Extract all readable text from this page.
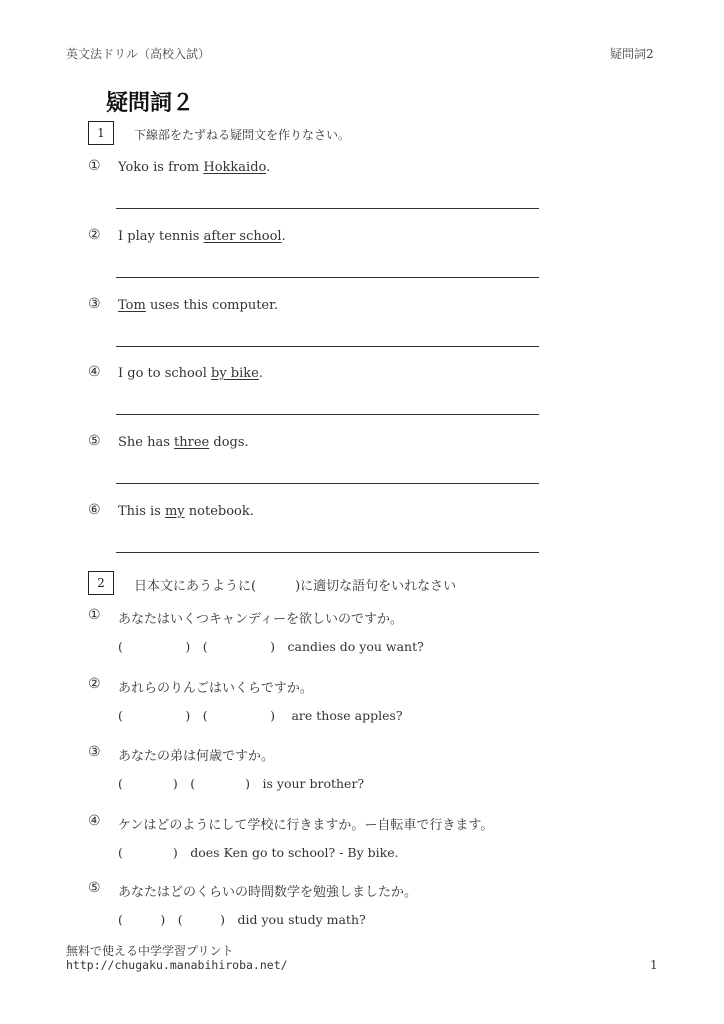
英文法ドリル（高校入試）	疑問詞2
疑問詞２
1	下線部をたずねる疑問文を作りなさい。
① Yoko is from Hokkaido.
② I play tennis after school.
③ Tom uses this computer.
④ I go to school by bike.
⑤ She has three dogs.
⑥ This is my notebook.
2	日本文にあうように(　　　)に適切な語句をいれなさい
① あなたはいくつキャンディーを欲しいのですか。
(　　　　　)　(　　　　　)　candies do you want?
② あれらのりんごはいくらですか。
(　　　　　)　(　　　　　)　 are those apples?
③ あなたの弟は何歳ですか。
(　　　　)　(　　　　)　is your brother?
④ ケンはどのようにして学校に行きますか。ー自転車で行きます。
(　　　　)　does Ken go to school? - By bike.
⑤ あなたはどのくらいの時間数学を勉強しましたか。
(　　　)　(　　　)　did you study math?
無料で使える中学学習プリント
http://chugaku.manabihiroba.net/	1
